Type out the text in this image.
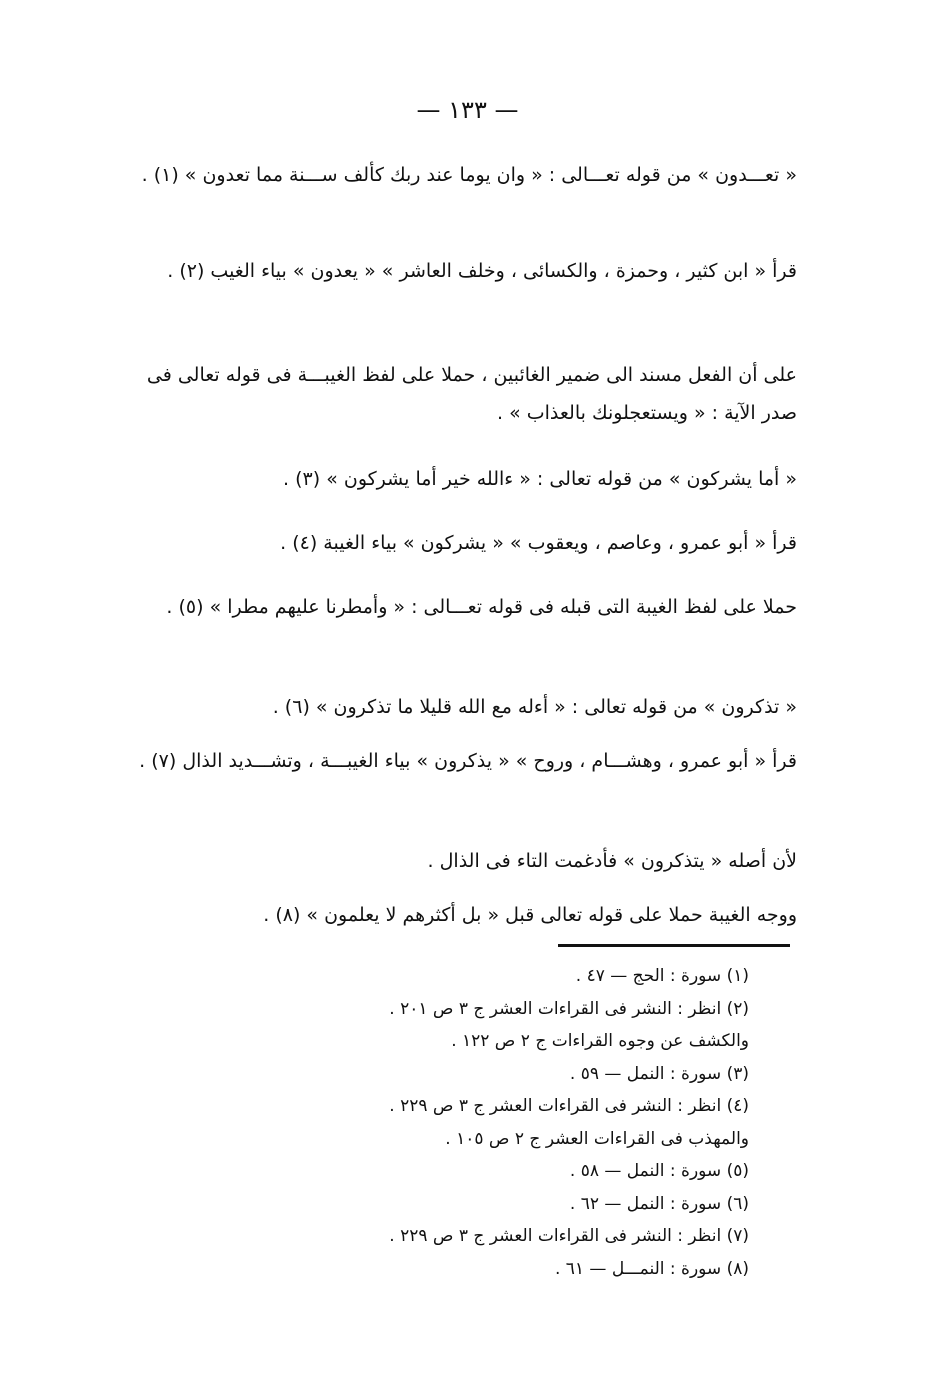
— ١٣٣ —

« تعـــدون » من قوله تعـــالى : « وان يوما عند ربك كألف ســـنة مما تعدون » (١) .

قرأ « ابن كثير ، وحمزة ، والكسائى ، وخلف العاشر » « يعدون » بياء الغيب (٢) .

على أن الفعل مسند الى ضمير الغائبين ، حملا على لفظ الغيبـــة فى قوله تعالى فى صدر الآية : « ويستعجلونك بالعذاب » .

« أما يشركون » من قوله تعالى : « ءالله خير أما يشركون » (٣) .

قرأ « أبو عمرو ، وعاصم ، ويعقوب » « يشركون » بياء الغيبة (٤) .

حملا على لفظ الغيبة التى قبله فى قوله تعـــالى : « وأمطرنا عليهم مطرا » (٥) .

« تذكرون » من قوله تعالى : « أءله مع الله قليلا ما تذكرون » (٦) .

قرأ « أبو عمرو ، وهشـــام ، وروح » « يذكرون » بياء الغيبـــة ، وتشـــديد الذال (٧) .

لأن أصله « يتذكرون » فأدغمت التاء فى الذال .

ووجه الغيبة حملا على قوله تعالى قبل « بل أكثرهم لا يعلمون » (٨) .

(١) سورة : الحج — ٤٧ .
(٢) انظر : النشر فى القراءات العشر ج ٣ ص ٢٠١ .
والكشف عن وجوه القراءات ج ٢ ص ١٢٢ .
(٣) سورة : النمل — ٥٩ .
(٤) انظر : النشر فى القراءات العشر ج ٣ ص ٢٢٩ .
والمهذب فى القراءات العشر ج ٢ ص ١٠٥ .
(٥) سورة : النمل — ٥٨ .
(٦) سورة : النمل — ٦٢ .
(٧) انظر : النشر فى القراءات العشر ج ٣ ص ٢٢٩ .
(٨) سورة : النمـــل — ٦١ .
